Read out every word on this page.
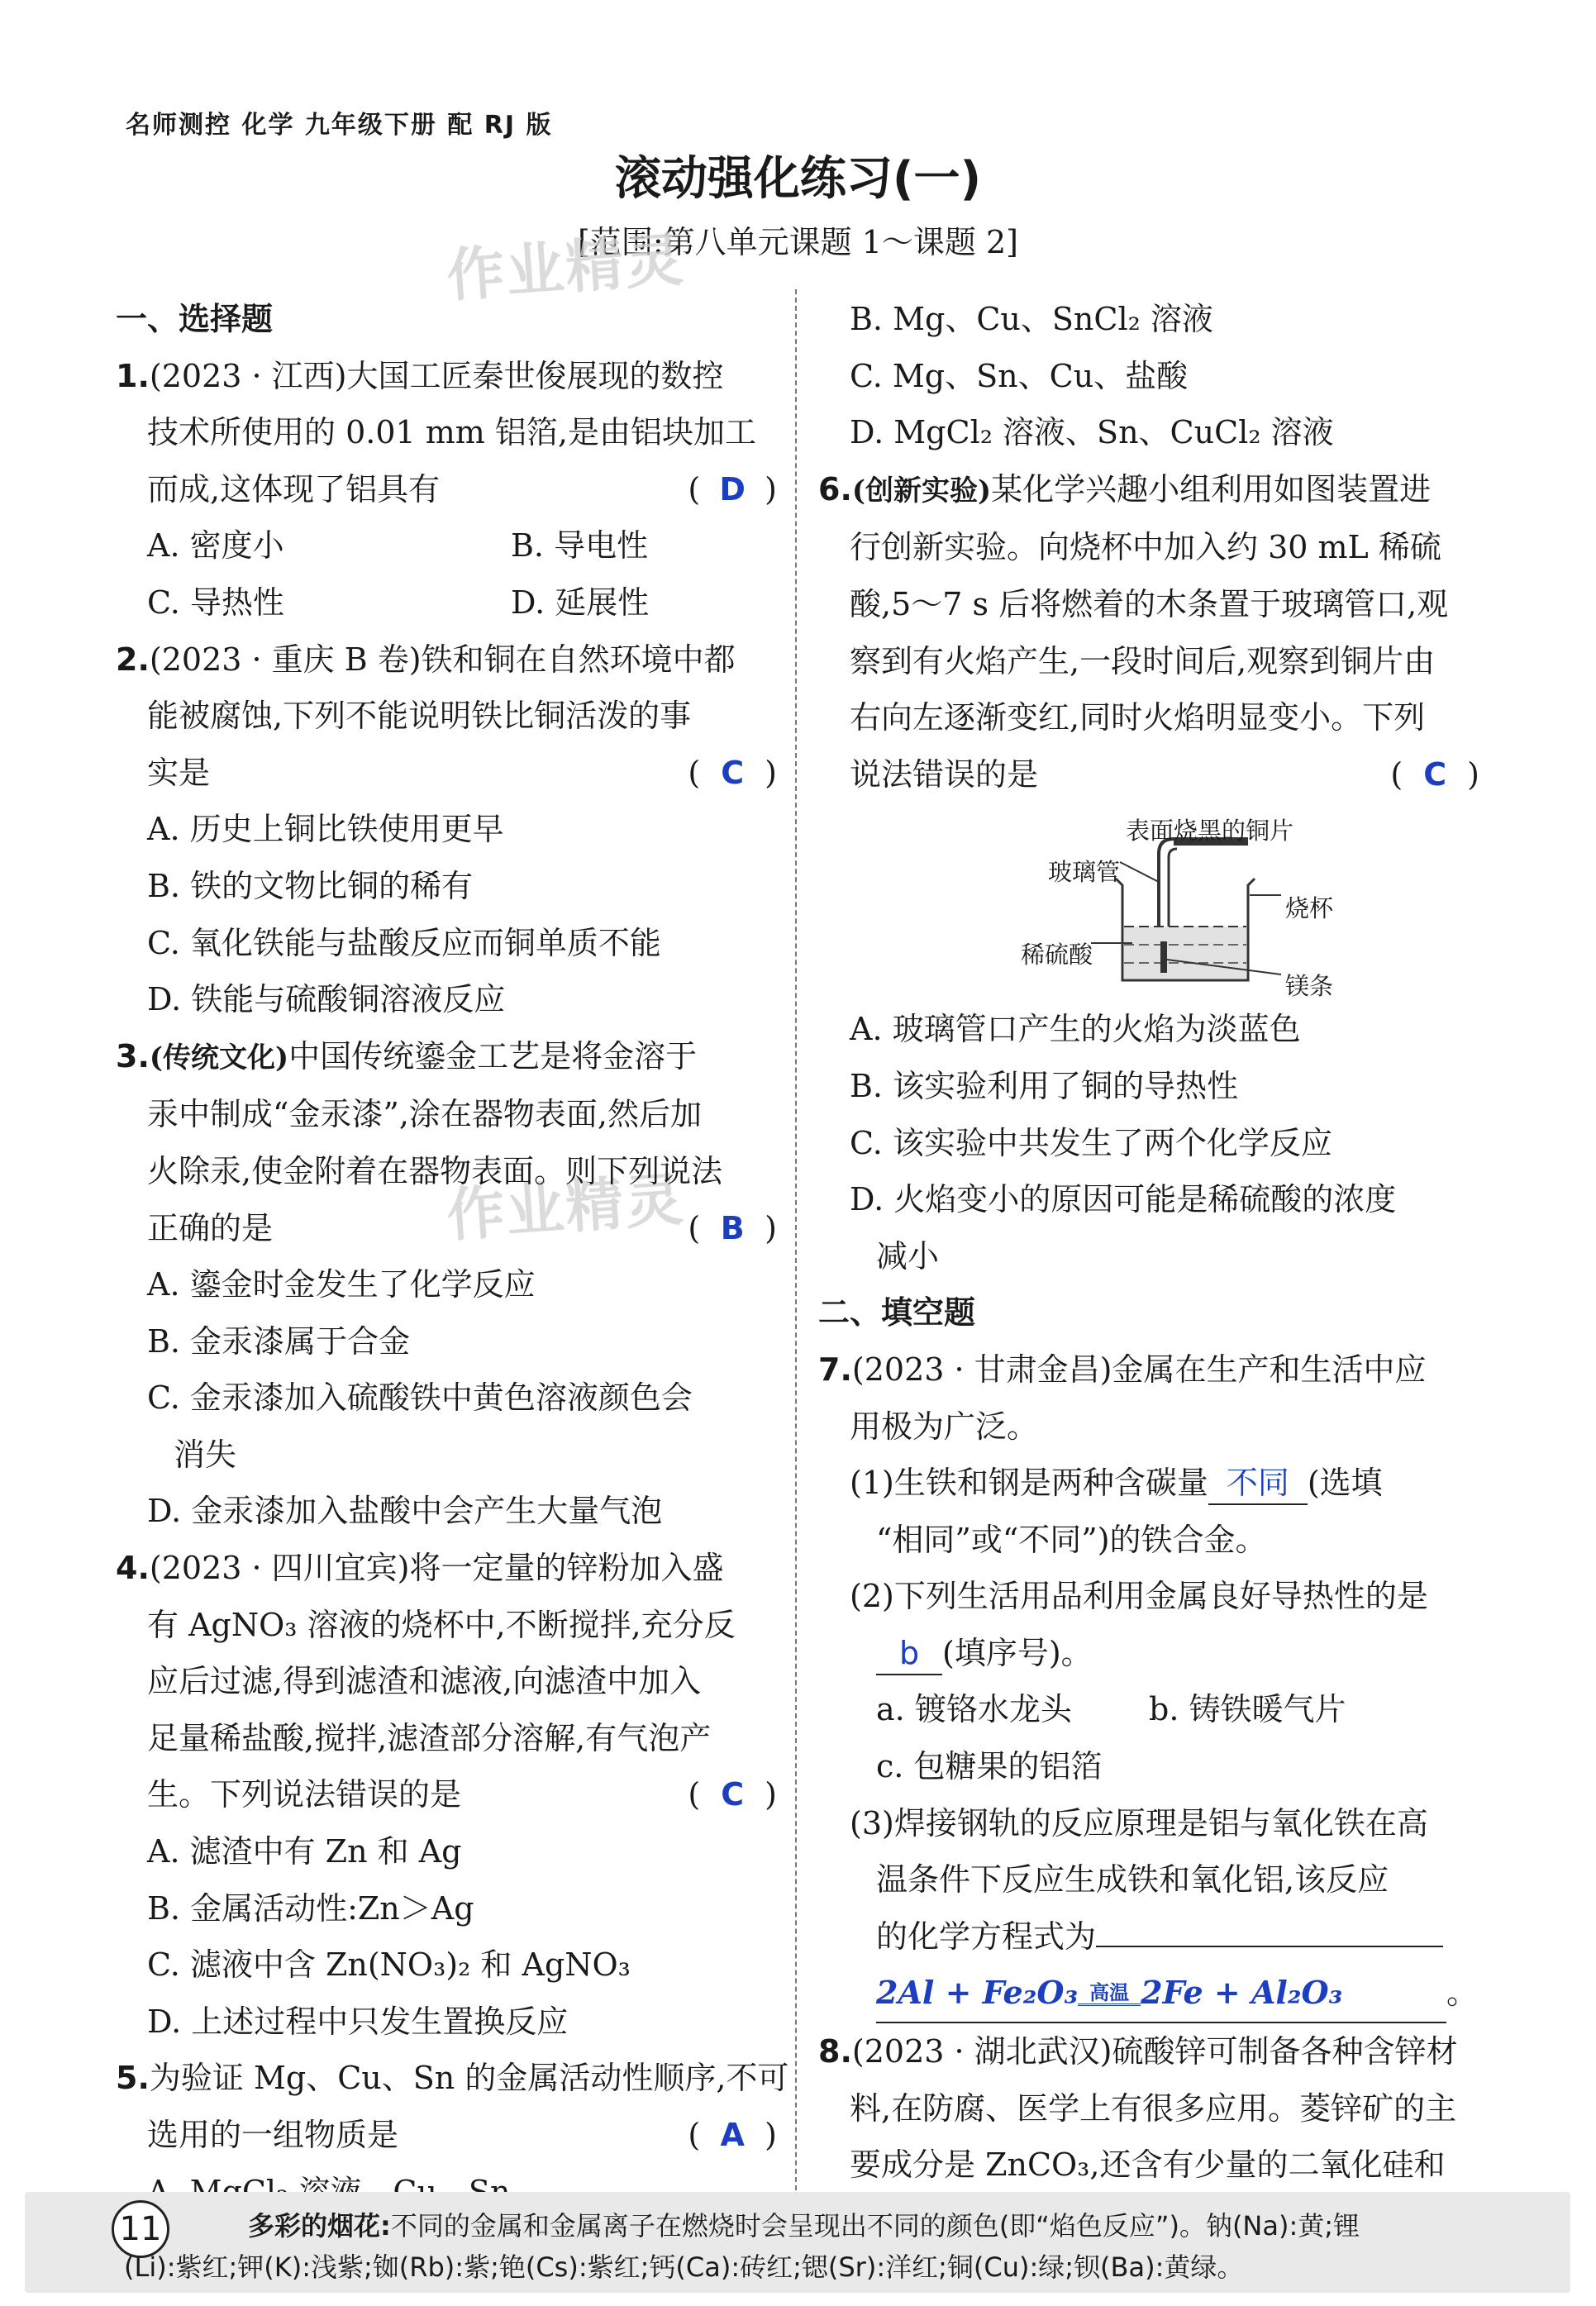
名师测控 化学 九年级下册 配 RJ 版
滚动强化练习(一)
[范围:第八单元课题 1～课题 2]
作业精灵
作业精灵
一、选择题
1.(2023 · 江西)大国工匠秦世俊展现的数控
技术所使用的 0.01 mm 铝箔,是由铝块加工
而成,这体现了铝具有	( D )
A. 密度小	B. 导电性
C. 导热性	D. 延展性
2.(2023 · 重庆 B 卷)铁和铜在自然环境中都
能被腐蚀,下列不能说明铁比铜活泼的事
实是	( C )
A. 历史上铜比铁使用更早
B. 铁的文物比铜的稀有
C. 氧化铁能与盐酸反应而铜单质不能
D. 铁能与硫酸铜溶液反应
3.(传统文化)中国传统鎏金工艺是将金溶于
汞中制成“金汞漆”,涂在器物表面,然后加
火除汞,使金附着在器物表面。则下列说法
正确的是	( B )
A. 鎏金时金发生了化学反应
B. 金汞漆属于合金
C. 金汞漆加入硫酸铁中黄色溶液颜色会
消失
D. 金汞漆加入盐酸中会产生大量气泡
4.(2023 · 四川宜宾)将一定量的锌粉加入盛
有 AgNO₃ 溶液的烧杯中,不断搅拌,充分反
应后过滤,得到滤渣和滤液,向滤渣中加入
足量稀盐酸,搅拌,滤渣部分溶解,有气泡产
生。下列说法错误的是	( C )
A. 滤渣中有 Zn 和 Ag
B. 金属活动性:Zn＞Ag
C. 滤液中含 Zn(NO₃)₂ 和 AgNO₃
D. 上述过程中只发生置换反应
5.为验证 Mg、Cu、Sn 的金属活动性顺序,不可
选用的一组物质是	( A )
B. Mg、Cu、SnCl₂ 溶液
C. Mg、Sn、Cu、盐酸
D. MgCl₂ 溶液、Sn、CuCl₂ 溶液
6.(创新实验)某化学兴趣小组利用如图装置进
行创新实验。向烧杯中加入约 30 mL 稀硫
酸,5～7 s 后将燃着的木条置于玻璃管口,观
察到有火焰产生,一段时间后,观察到铜片由
右向左逐渐变红,同时火焰明显变小。下列
说法错误的是	( C )
表面烧黑的铜片
玻璃管
烧杯
稀硫酸
镁条
A. 玻璃管口产生的火焰为淡蓝色
B. 该实验利用了铜的导热性
C. 该实验中共发生了两个化学反应
D. 火焰变小的原因可能是稀硫酸的浓度
减小
二、填空题
7.(2023 · 甘肃金昌)金属在生产和生活中应
用极为广泛。
(1)生铁和钢是两种含碳量 不同 (选填
“相同”或“不同”)的铁合金。
(2)下列生活用品利用金属良好导热性的是
b (填序号)。
a. 镀铬水龙头 b. 铸铁暖气片
c. 包糖果的铝箔
(3)焊接钢轨的反应原理是铝与氧化铁在高
温条件下反应生成铁和氧化铝,该反应
的化学方程式为
2Al + Fe₂O₃ 高温 2Fe + Al₂O₃	。
8.(2023 · 湖北武汉)硫酸锌可制备各种含锌材
料,在防腐、医学上有很多应用。菱锌矿的主
要成分是 ZnCO₃,还含有少量的二氧化硅和
11	多彩的烟花:不同的金属和金属离子在燃烧时会呈现出不同的颜色(即“焰色反应”)。钠(Na):黄;锂
(Li):紫红;钾(K):浅紫;铷(Rb):紫;铯(Cs):紫红;钙(Ca):砖红;锶(Sr):洋红;铜(Cu):绿;钡(Ba):黄绿。
